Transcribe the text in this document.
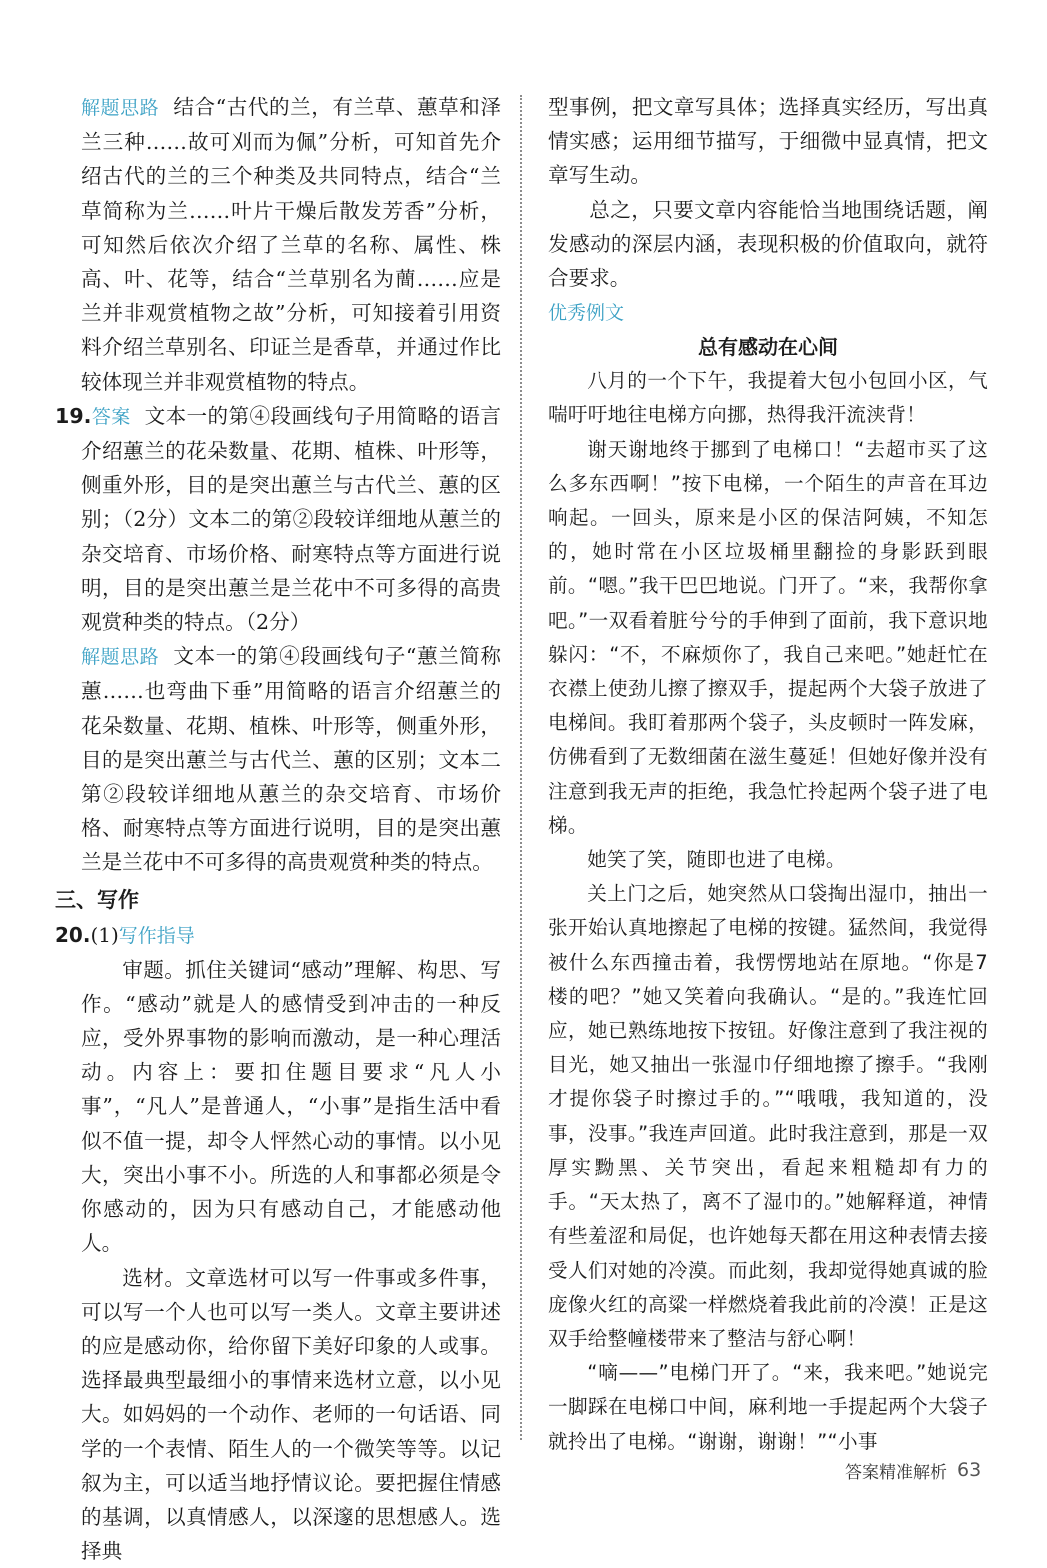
解题思路 结合“古代的兰，有兰草、蕙草和泽兰三种……故可刈而为佩”分析，可知首先介绍古代的兰的三个种类及共同特点，结合“兰草简称为兰……叶片干燥后散发芳香”分析，可知然后依次介绍了兰草的名称、属性、株高、叶、花等，结合“兰草别名为蕳……应是兰并非观赏植物之故”分析，可知接着引用资料介绍兰草别名、印证兰是香草，并通过作比较体现兰并非观赏植物的特点。

19.答案 文本一的第④段画线句子用简略的语言介绍蕙兰的花朵数量、花期、植株、叶形等，侧重外形，目的是突出蕙兰与古代兰、蕙的区别；（2分）文本二的第②段较详细地从蕙兰的杂交培育、市场价格、耐寒特点等方面进行说明，目的是突出蕙兰是兰花中不可多得的高贵观赏种类的特点。（2分）

解题思路 文本一的第④段画线句子“蕙兰简称蕙……也弯曲下垂”用简略的语言介绍蕙兰的花朵数量、花期、植株、叶形等，侧重外形，目的是突出蕙兰与古代兰、蕙的区别；文本二第②段较详细地从蕙兰的杂交培育、市场价格、耐寒特点等方面进行说明，目的是突出蕙兰是兰花中不可多得的高贵观赏种类的特点。

三、写作

20.(1)写作指导

审题。抓住关键词“感动”理解、构思、写作。“感动”就是人的感情受到冲击的一种反应，受外界事物的影响而激动，是一种心理活动。内容上：要扣住题目要求“凡人小事”，“凡人”是普通人，“小事”是指生活中看似不值一提，却令人怦然心动的事情。以小见大，突出小事不小。所选的人和事都必须是令你感动的，因为只有感动自己，才能感动他人。

选材。文章选材可以写一件事或多件事，可以写一个人也可以写一类人。文章主要讲述的应是感动你，给你留下美好印象的人或事。选择最典型最细小的事情来选材立意，以小见大。如妈妈的一个动作、老师的一句话语、同学的一个表情、陌生人的一个微笑等等。以记叙为主，可以适当地抒情议论。要把握住情感的基调，以真情感人，以深邃的思想感人。选择典

型事例，把文章写具体；选择真实经历，写出真情实感；运用细节描写，于细微中显真情，把文章写生动。

总之，只要文章内容能恰当地围绕话题，阐发感动的深层内涵，表现积极的价值取向，就符合要求。

优秀例文

总有感动在心间

八月的一个下午，我提着大包小包回小区，气喘吁吁地往电梯方向挪，热得我汗流浃背！

谢天谢地终于挪到了电梯口！“去超市买了这么多东西啊！”按下电梯，一个陌生的声音在耳边响起。一回头，原来是小区的保洁阿姨，不知怎的，她时常在小区垃圾桶里翻捡的身影跃到眼前。“嗯。”我干巴巴地说。门开了。“来，我帮你拿吧。”一双看着脏兮兮的手伸到了面前，我下意识地躲闪：“不，不麻烦你了，我自己来吧。”她赶忙在衣襟上使劲儿擦了擦双手，提起两个大袋子放进了电梯间。我盯着那两个袋子，头皮顿时一阵发麻，仿佛看到了无数细菌在滋生蔓延！但她好像并没有注意到我无声的拒绝，我急忙拎起两个袋子进了电梯。

她笑了笑，随即也进了电梯。

关上门之后，她突然从口袋掏出湿巾，抽出一张开始认真地擦起了电梯的按键。猛然间，我觉得被什么东西撞击着，我愣愣地站在原地。“你是7楼的吧？”她又笑着向我确认。“是的。”我连忙回应，她已熟练地按下按钮。好像注意到了我注视的目光，她又抽出一张湿巾仔细地擦了擦手。“我刚才提你袋子时擦过手的。”“哦哦，我知道的，没事，没事。”我连声回道。此时我注意到，那是一双厚实黝黑、关节突出，看起来粗糙却有力的手。“天太热了，离不了湿巾的。”她解释道，神情有些羞涩和局促，也许她每天都在用这种表情去接受人们对她的冷漠。而此刻，我却觉得她真诚的脸庞像火红的高粱一样燃烧着我此前的冷漠！正是这双手给整幢楼带来了整洁与舒心啊！

“嘀——”电梯门开了。“来，我来吧。”她说完一脚踩在电梯口中间，麻利地一手提起两个大袋子就拎出了电梯。“谢谢，谢谢！”“小事

答案精准解析 63
